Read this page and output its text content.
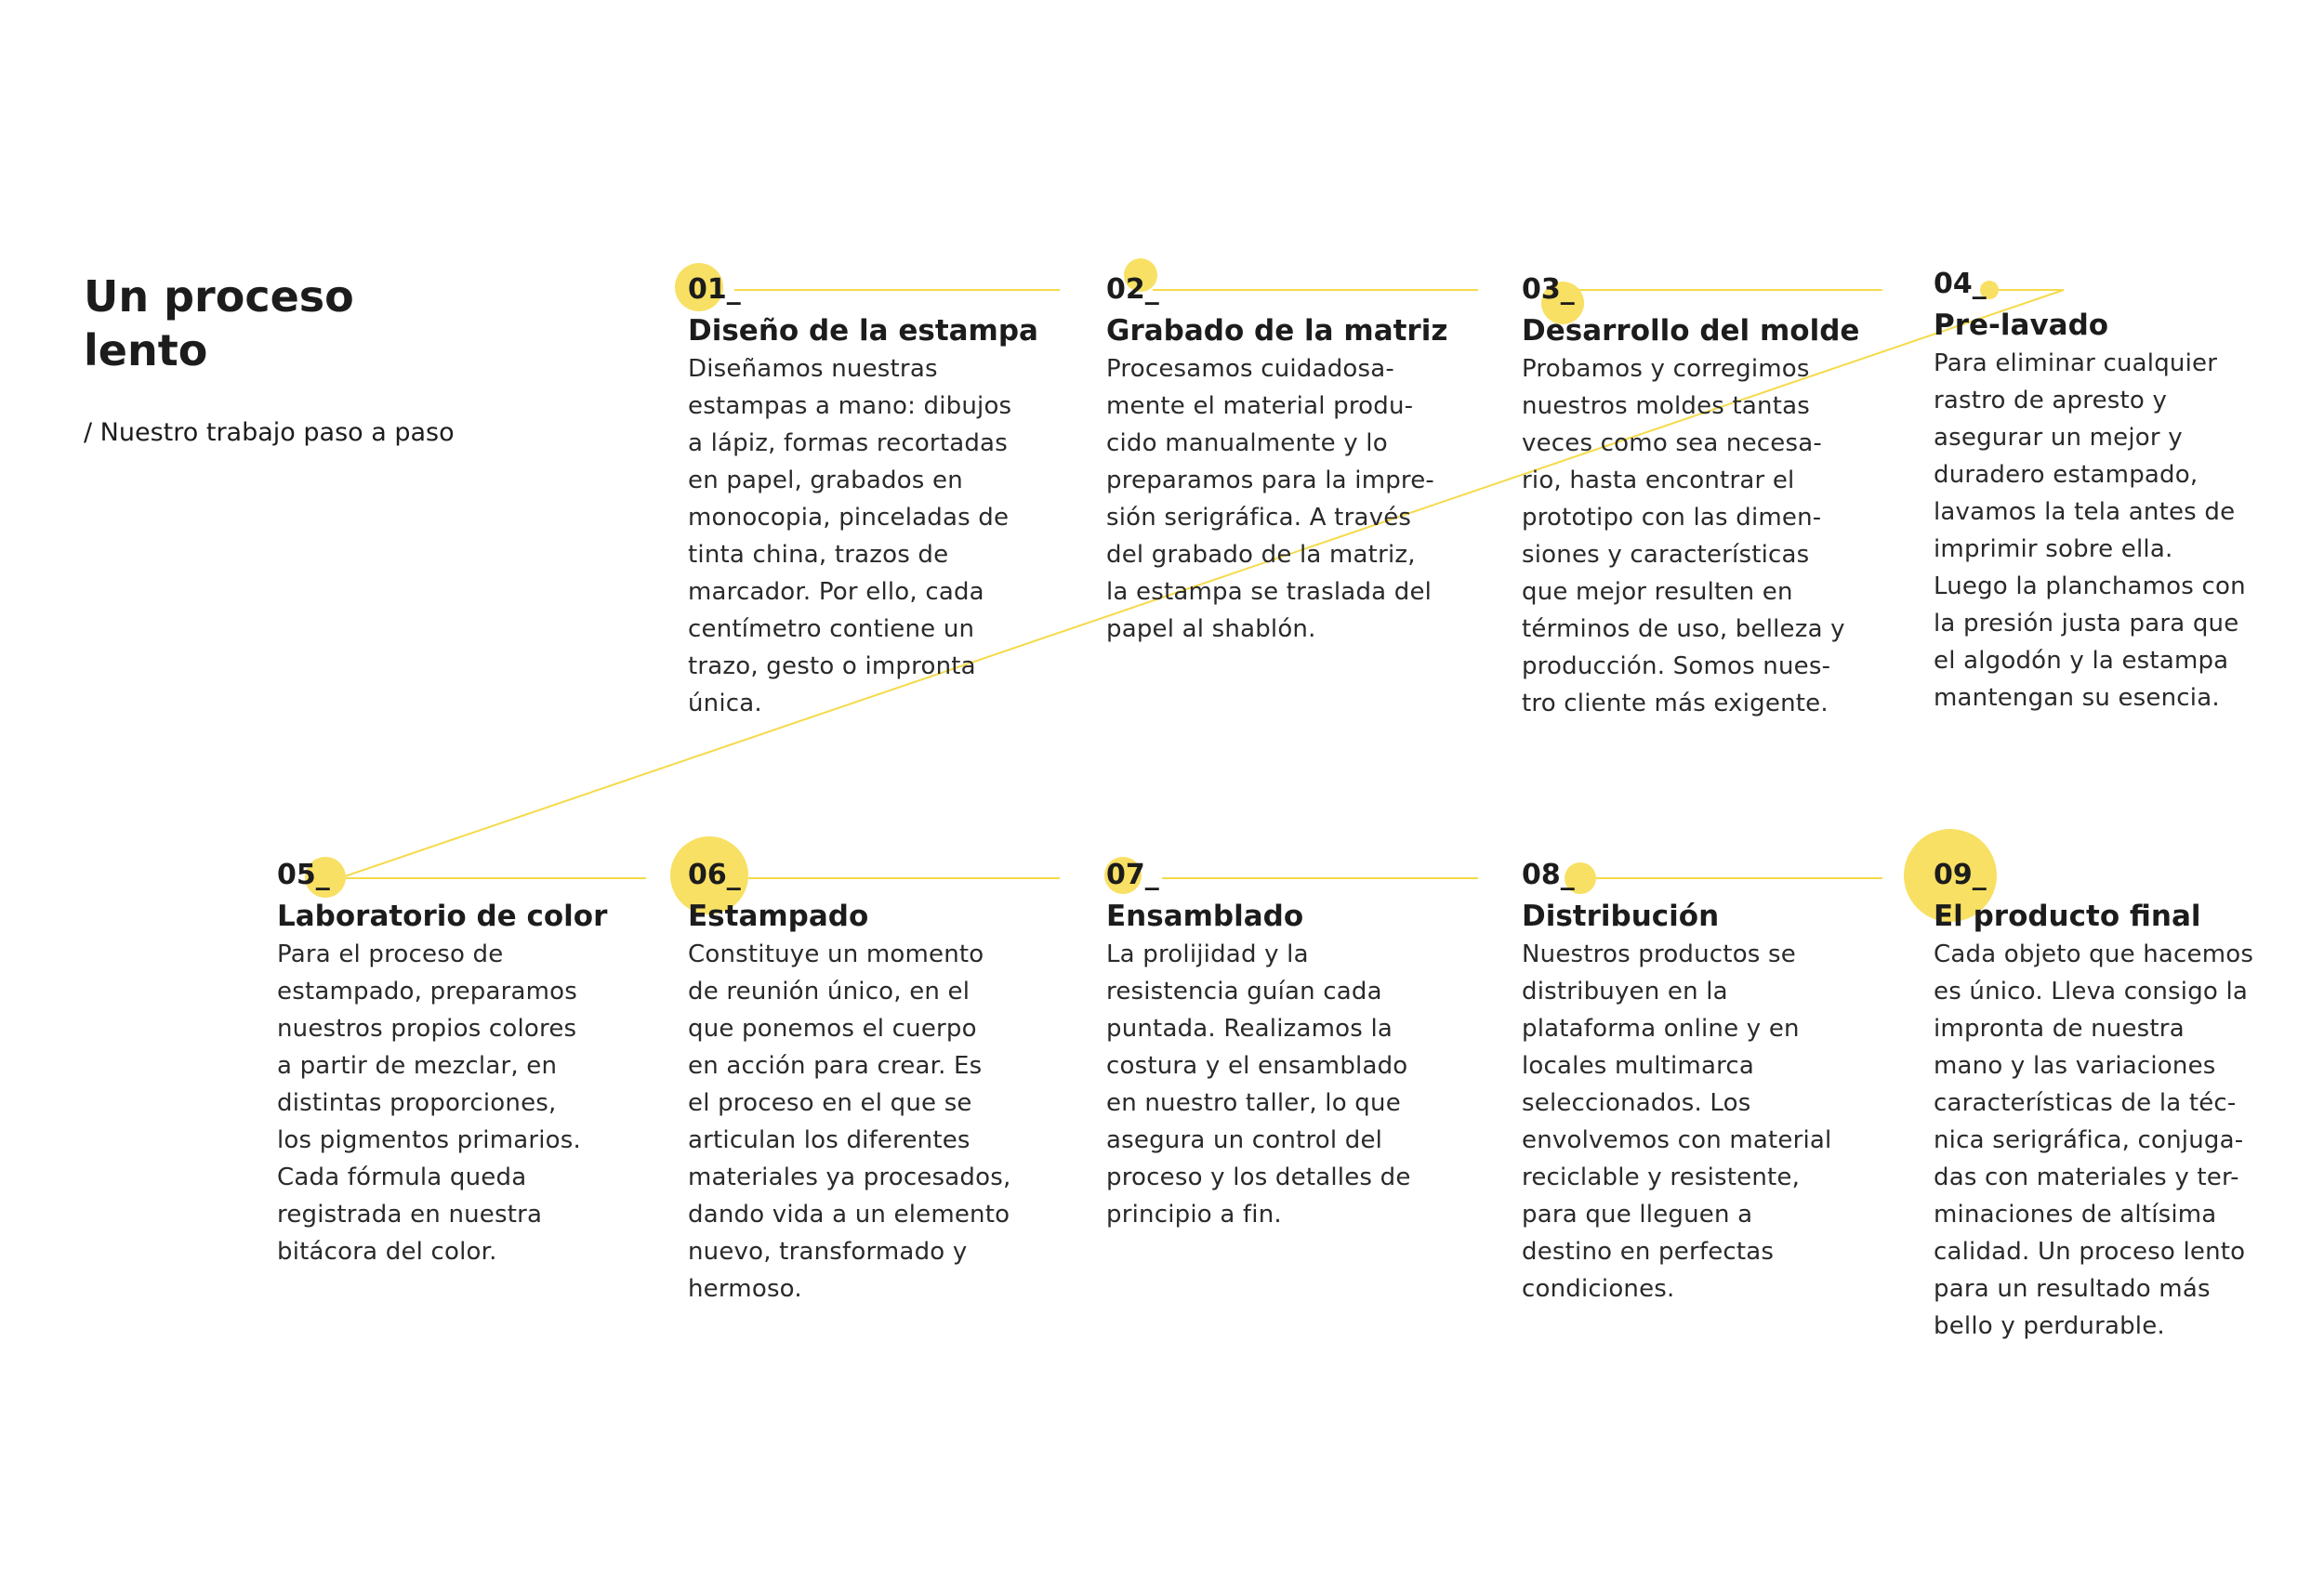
Un proceso lento
/ Nuestro trabajo paso a paso
01_
Diseño de la estampa
Diseñamos nuestras
estampas a mano: dibujos
a lápiz, formas recortadas
en papel, grabados en
monocopia, pinceladas de
tinta china, trazos de
marcador. Por ello, cada
centímetro contiene un
trazo, gesto o impronta
única.
02_
Grabado de la matriz
Procesamos cuidadosa-
mente el material produ-
cido manualmente y lo
preparamos para la impre-
sión serigráfica. A través
del grabado de la matriz,
la estampa se traslada del
papel al shablón.
03_
Desarrollo del molde
Probamos y corregimos
nuestros moldes tantas
veces como sea necesa-
rio, hasta encontrar el
prototipo con las dimen-
siones y características
que mejor resulten en
términos de uso, belleza y
producción. Somos nues-
tro cliente más exigente.
04_
Pre-lavado
Para eliminar cualquier
rastro de apresto y
asegurar un mejor y
duradero estampado,
lavamos la tela antes de
imprimir sobre ella.
Luego la planchamos con
la presión justa para que
el algodón y la estampa
mantengan su esencia.
05_
Laboratorio de color
Para el proceso de
estampado, preparamos
nuestros propios colores
a partir de mezclar, en
distintas proporciones,
los pigmentos primarios.
Cada fórmula queda
registrada en nuestra
bitácora del color.
06_
Estampado
Constituye un momento
de reunión único, en el
que ponemos el cuerpo
en acción para crear. Es
el proceso en el que se
articulan los diferentes
materiales ya procesados,
dando vida a un elemento
nuevo, transformado y
hermoso.
07_
Ensamblado
La prolijidad y la
resistencia guían cada
puntada. Realizamos la
costura y el ensamblado
en nuestro taller, lo que
asegura un control del
proceso y los detalles de
principio a fin.
08_
Distribución
Nuestros productos se
distribuyen en la
plataforma online y en
locales multimarca
seleccionados. Los
envolvemos con material
reciclable y resistente,
para que lleguen a
destino en perfectas
condiciones.
09_
El producto final
Cada objeto que hacemos
es único. Lleva consigo la
impronta de nuestra
mano y las variaciones
características de la téc-
nica serigráfica, conjuga-
das con materiales y ter-
minaciones de altísima
calidad. Un proceso lento
para un resultado más
bello y perdurable.
